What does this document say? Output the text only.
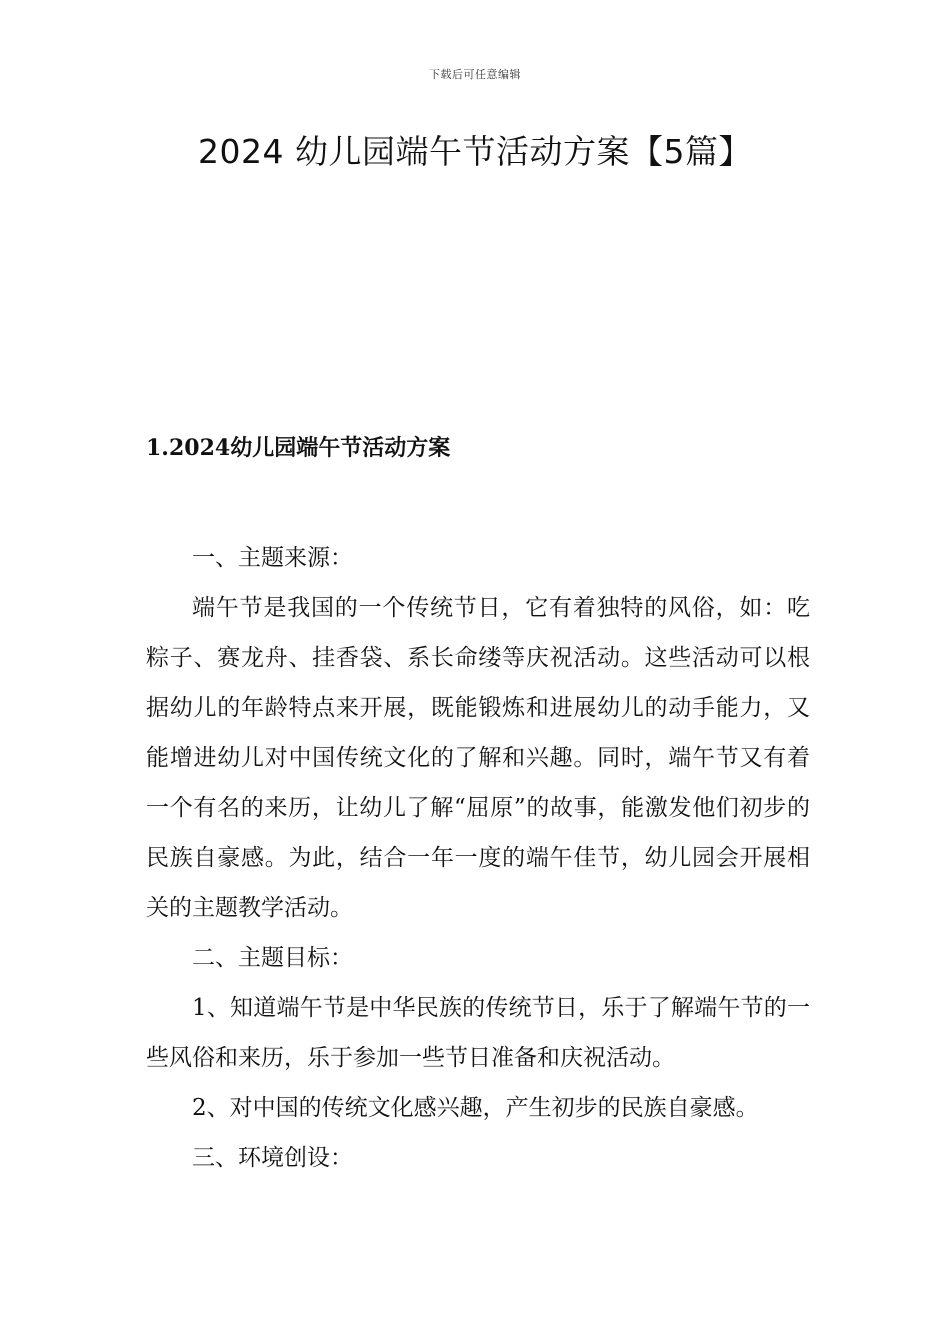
下载后可任意编辑
2024 幼儿园端午节活动方案【5篇】
1.2024幼儿园端午节活动方案

一、主题来源：

端午节是我国的一个传统节日，它有着独特的风俗，如：吃粽子、赛龙舟、挂香袋、系长命缕等庆祝活动。这些活动可以根据幼儿的年龄特点来开展，既能锻炼和进展幼儿的动手能力，又能增进幼儿对中国传统文化的了解和兴趣。同时，端午节又有着一个有名的来历，让幼儿了解“屈原”的故事，能激发他们初步的民族自豪感。为此，结合一年一度的端午佳节，幼儿园会开展相关的主题教学活动。

二、主题目标：

1、知道端午节是中华民族的传统节日，乐于了解端午节的一些风俗和来历，乐于参加一些节日准备和庆祝活动。

2、对中国的传统文化感兴趣，产生初步的民族自豪感。

三、环境创设：
